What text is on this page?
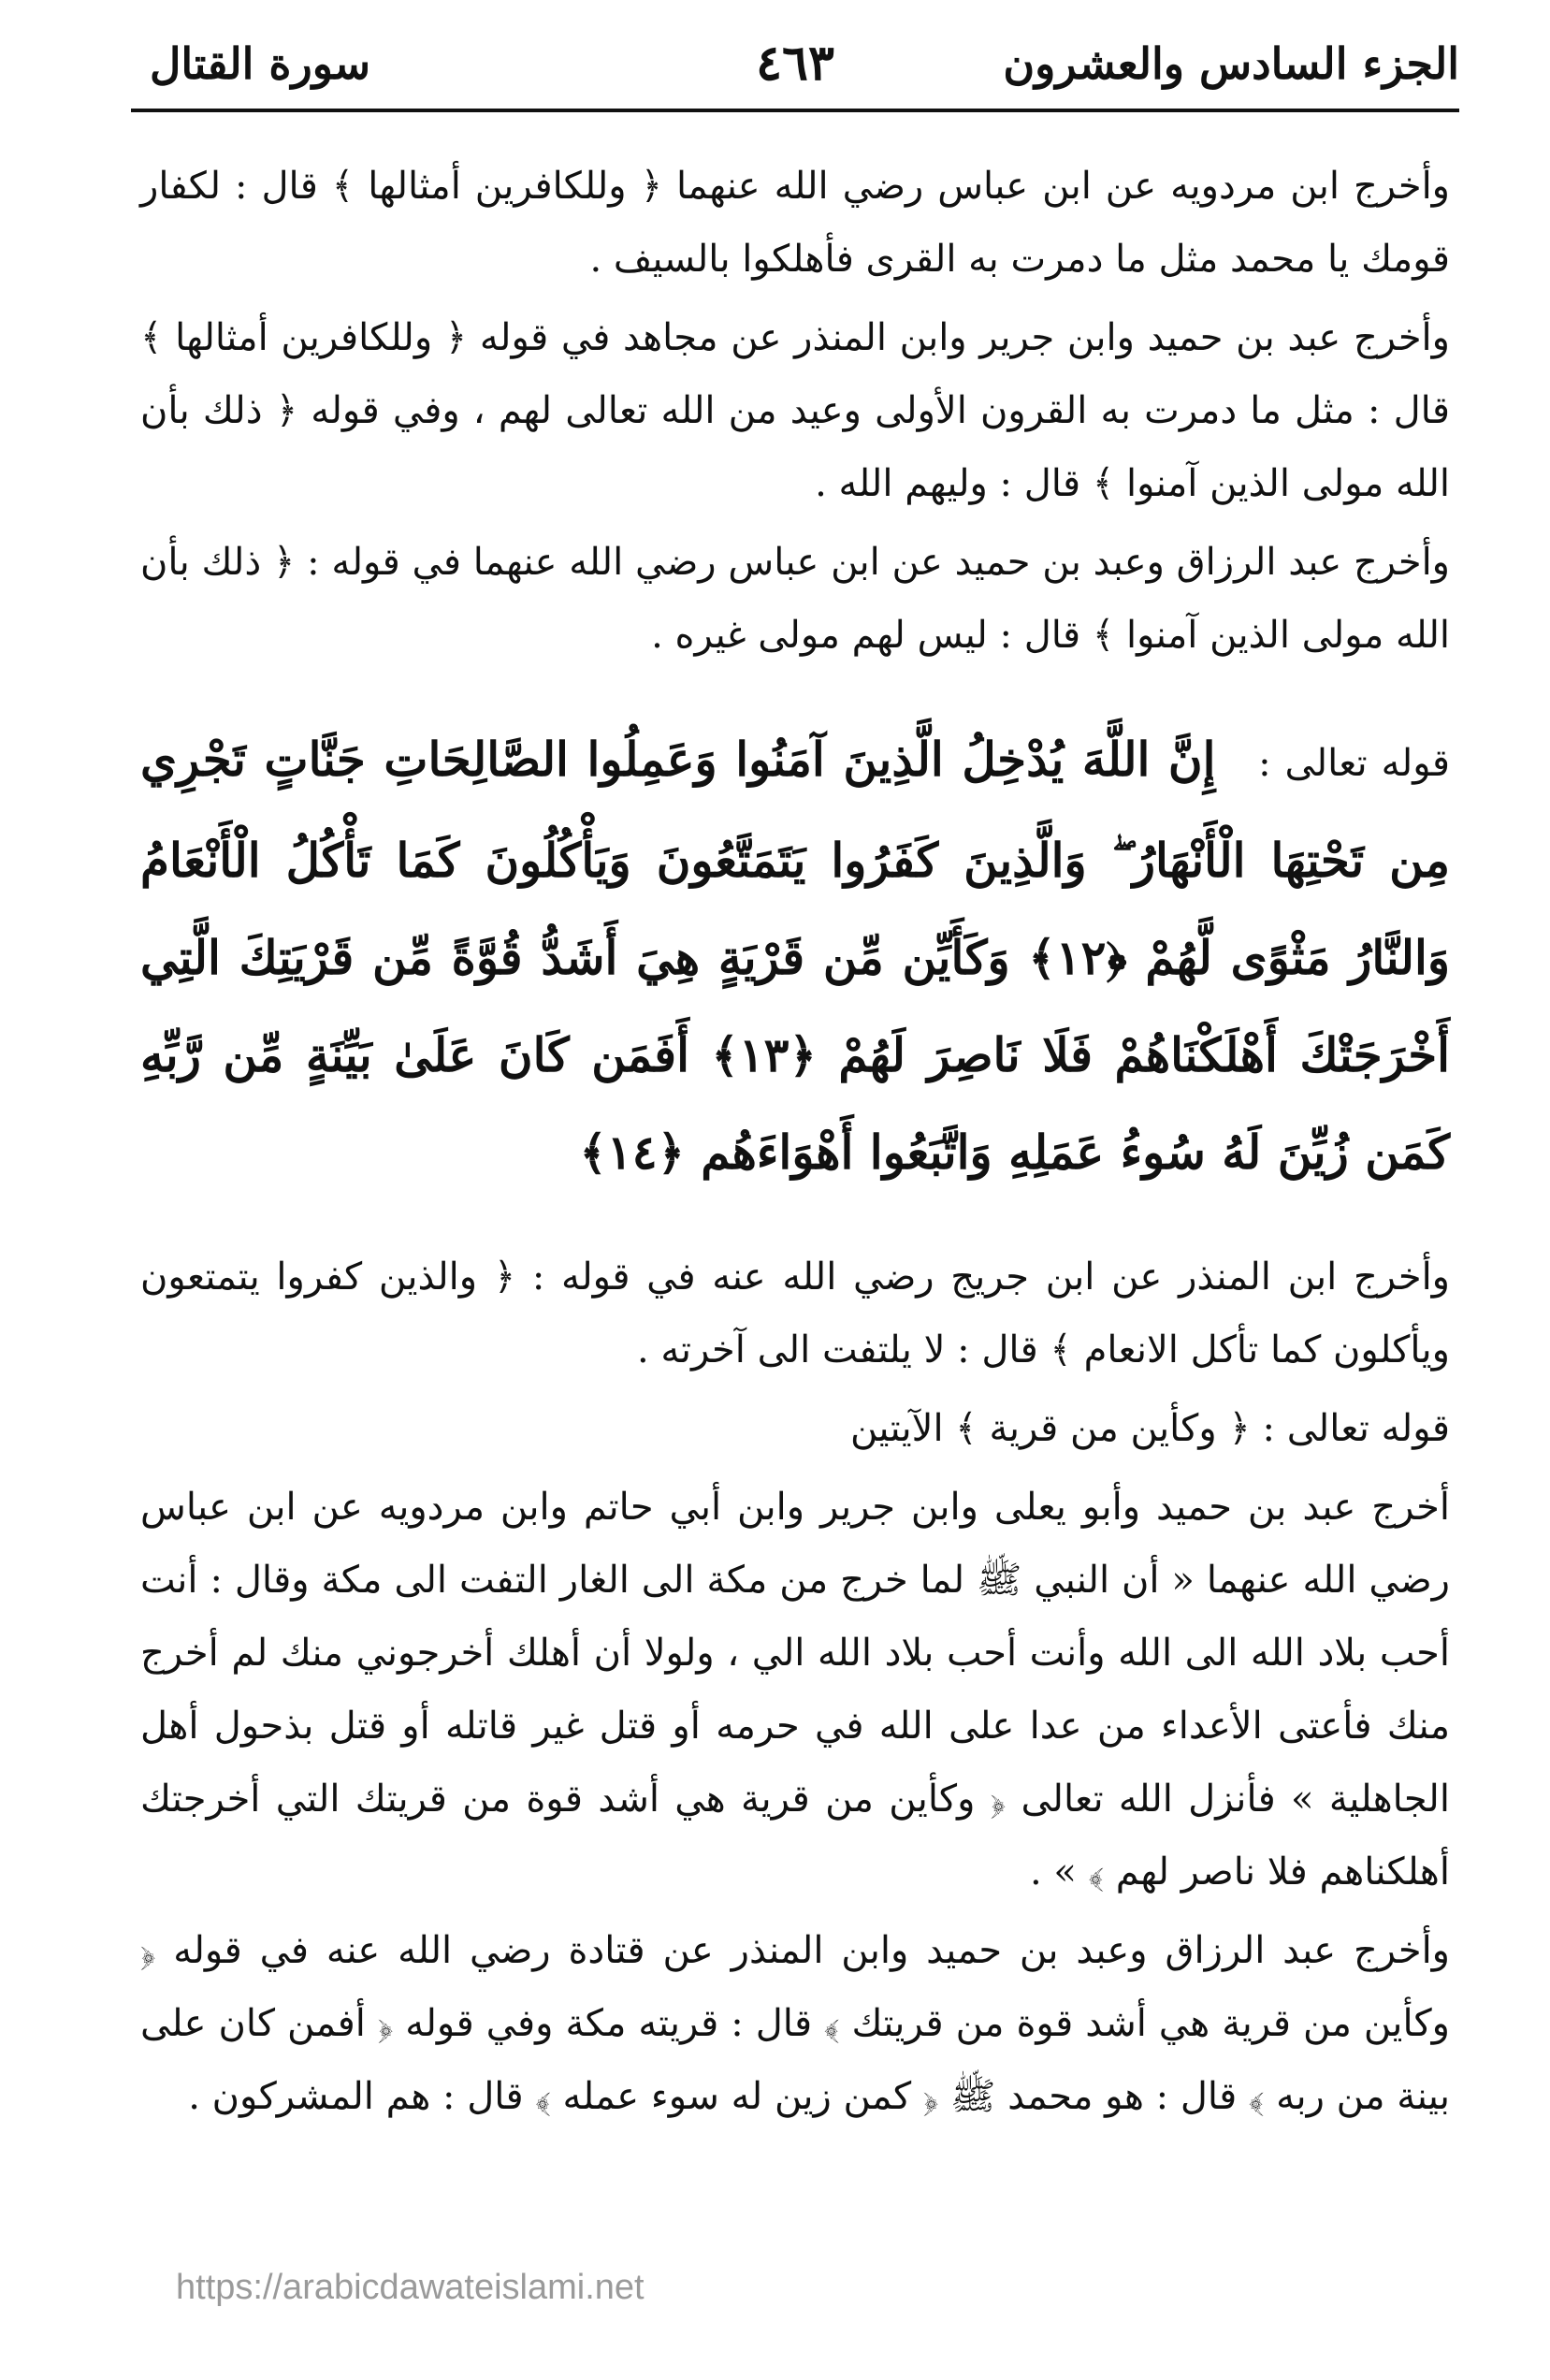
الجزء السادس والعشرون
٤٦٣
سورة القتال

وأخرج ابن مردويه عن ابن عباس رضي الله عنهما ﴿ وللكافرين أمثالها ﴾ قال : لكفار قومك يا محمد مثل ما دمرت به القرى فأهلكوا بالسيف .

وأخرج عبد بن حميد وابن جرير وابن المنذر عن مجاهد في قوله ﴿ وللكافرين أمثالها ﴾ قال : مثل ما دمرت به القرون الأولى وعيد من الله تعالى لهم ، وفي قوله ﴿ ذلك بأن الله مولى الذين آمنوا ﴾ قال : وليهم الله .

وأخرج عبد الرزاق وعبد بن حميد عن ابن عباس رضي الله عنهما في قوله : ﴿ ذلك بأن الله مولى الذين آمنوا ﴾ قال : ليس لهم مولى غيره .

قوله تعالى : إِنَّ اللَّهَ يُدْخِلُ الَّذِينَ آمَنُوا وَعَمِلُوا الصَّالِحَاتِ جَنَّاتٍ تَجْرِي مِن تَحْتِهَا الْأَنْهَارُ ۖ وَالَّذِينَ كَفَرُوا يَتَمَتَّعُونَ وَيَأْكُلُونَ كَمَا تَأْكُلُ الْأَنْعَامُ وَالنَّارُ مَثْوًى لَّهُمْ ﴿١٢﴾ وَكَأَيِّن مِّن قَرْيَةٍ هِيَ أَشَدُّ قُوَّةً مِّن قَرْيَتِكَ الَّتِي أَخْرَجَتْكَ أَهْلَكْنَاهُمْ فَلَا نَاصِرَ لَهُمْ ﴿١٣﴾ أَفَمَن كَانَ عَلَىٰ بَيِّنَةٍ مِّن رَّبِّهِ كَمَن زُيِّنَ لَهُ سُوءُ عَمَلِهِ وَاتَّبَعُوا أَهْوَاءَهُم ﴿١٤﴾

وأخرج ابن المنذر عن ابن جريج رضي الله عنه في قوله : ﴿ والذين كفروا يتمتعون ويأكلون كما تأكل الانعام ﴾ قال : لا يلتفت الى آخرته .

قوله تعالى : ﴿ وكأين من قرية ﴾ الآيتين

أخرج عبد بن حميد وأبو يعلى وابن جرير وابن أبي حاتم وابن مردويه عن ابن عباس رضي الله عنهما « أن النبي ﷺ لما خرج من مكة الى الغار التفت الى مكة وقال : أنت أحب بلاد الله الى الله وأنت أحب بلاد الله الي ، ولولا أن أهلك أخرجوني منك لم أخرج منك فأعتى الأعداء من عدا على الله في حرمه أو قتل غير قاتله أو قتل بذحول أهل الجاهلية » فأنزل الله تعالى ﴿ وكأين من قرية هي أشد قوة من قريتك التي أخرجتك أهلكناهم فلا ناصر لهم ﴾ » .

وأخرج عبد الرزاق وعبد بن حميد وابن المنذر عن قتادة رضي الله عنه في قوله ﴿ وكأين من قرية هي أشد قوة من قريتك ﴾ قال : قريته مكة وفي قوله ﴿ أفمن كان على بينة من ربه ﴾ قال : هو محمد ﷺ ﴿ كمن زين له سوء عمله ﴾ قال : هم المشركون .

https://arabicdawateislami.net
